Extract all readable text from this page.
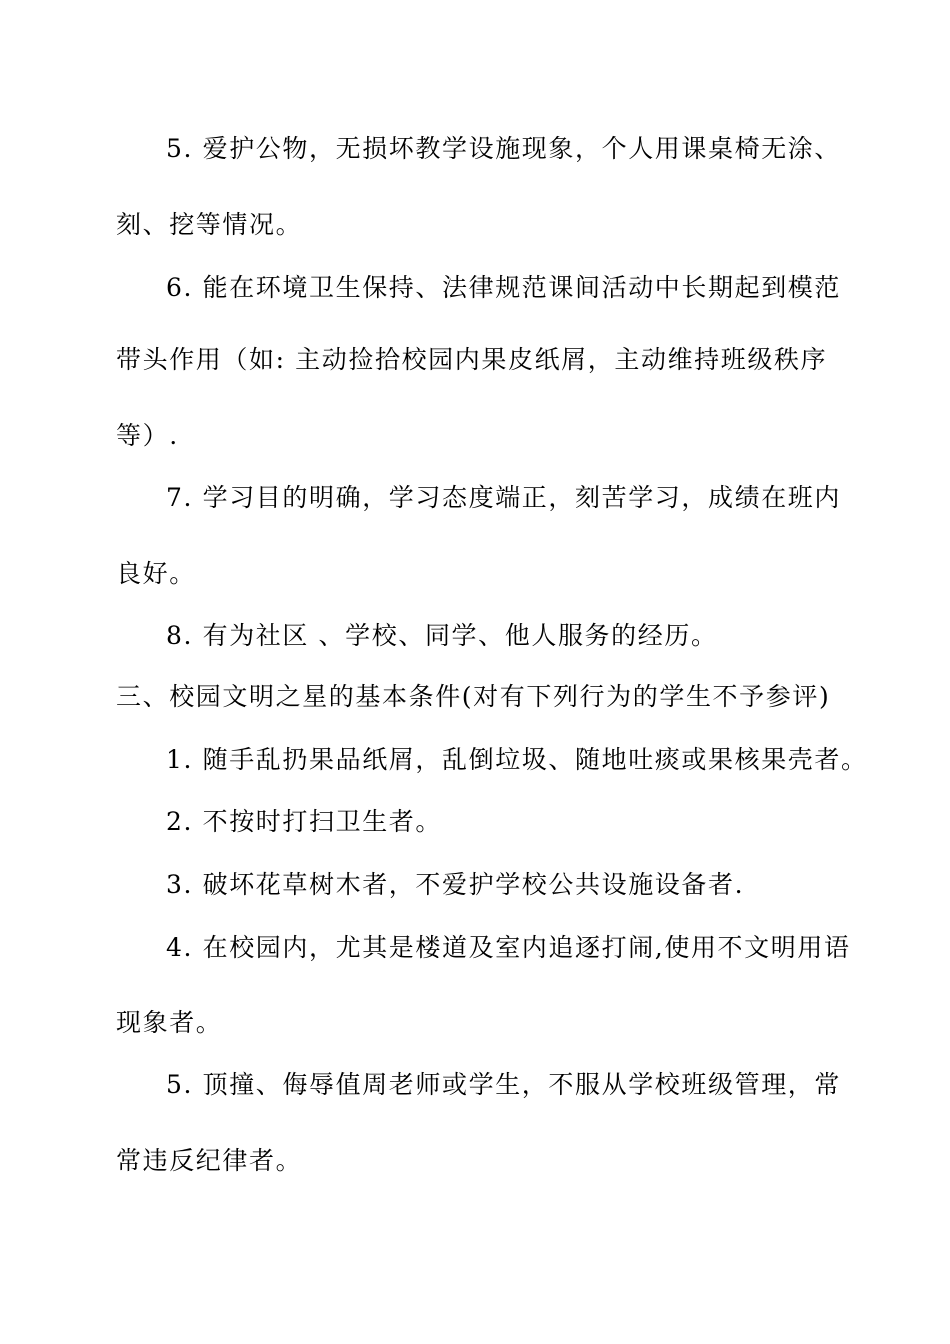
5. 爱护公物，无损坏教学设施现象，个人用课桌椅无涂、
刻、挖等情况。
6. 能在环境卫生保持、法律规范课间活动中长期起到模范
带头作用（如: 主动捡拾校园内果皮纸屑，主动维持班级秩序
等）.
7. 学习目的明确，学习态度端正，刻苦学习，成绩在班内
良好。
8. 有为社区 、学校、同学、他人服务的经历。
三、校园文明之星的基本条件(对有下列行为的学生不予参评)
1. 随手乱扔果品纸屑，乱倒垃圾、随地吐痰或果核果壳者。
2. 不按时打扫卫生者。
3. 破坏花草树木者，不爱护学校公共设施设备者.
4. 在校园内，尤其是楼道及室内追逐打闹,使用不文明用语
现象者。
5. 顶撞、侮辱值周老师或学生，不服从学校班级管理，常
常违反纪律者。
